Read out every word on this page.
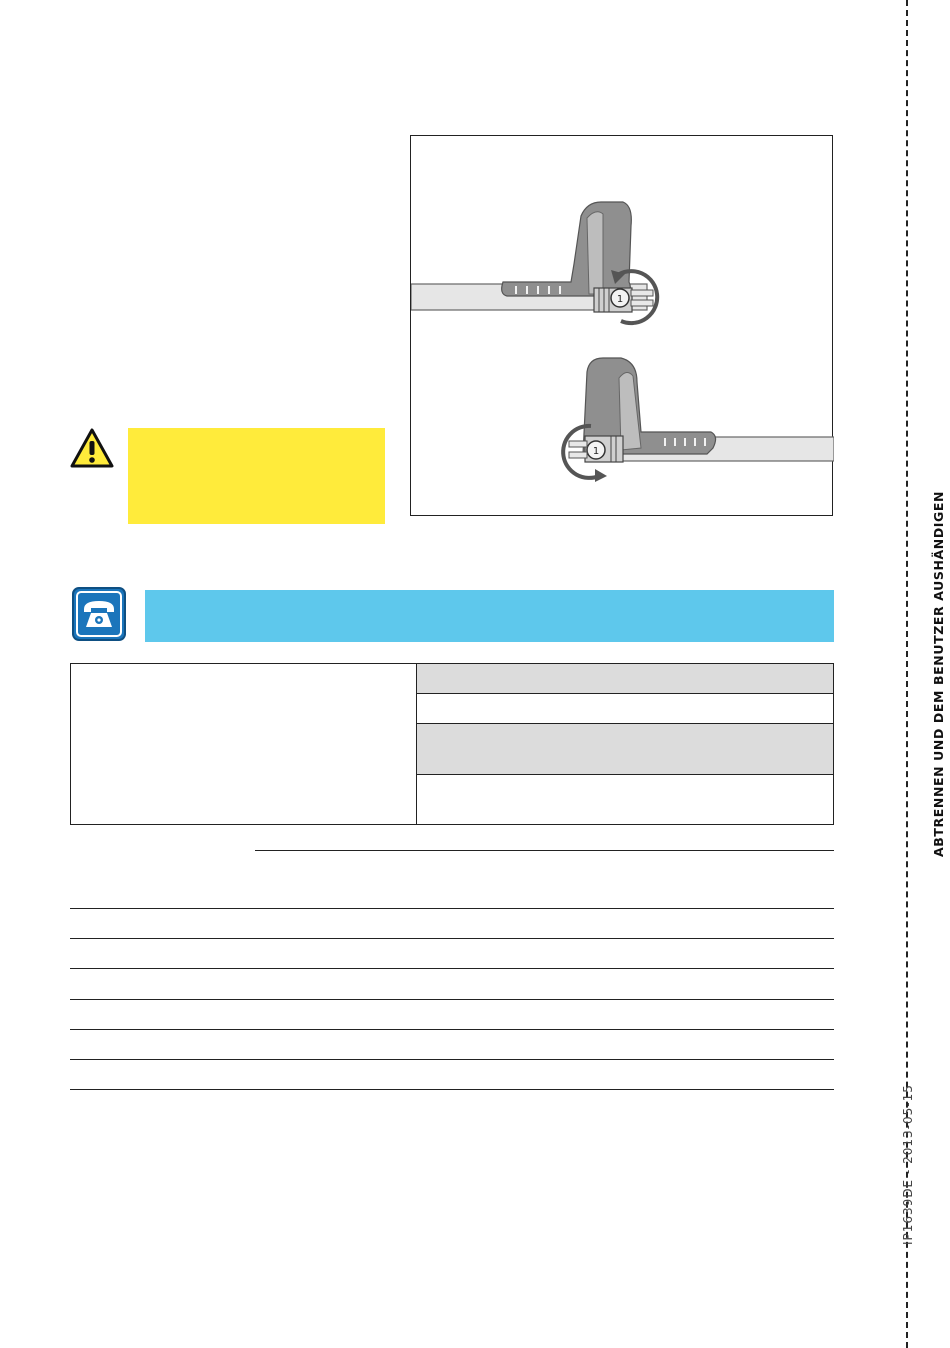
1
1
ABTRENNEN UND DEM BENUTZER AUSHÄNDIGEN
IP1639DE - 2013-05-15
